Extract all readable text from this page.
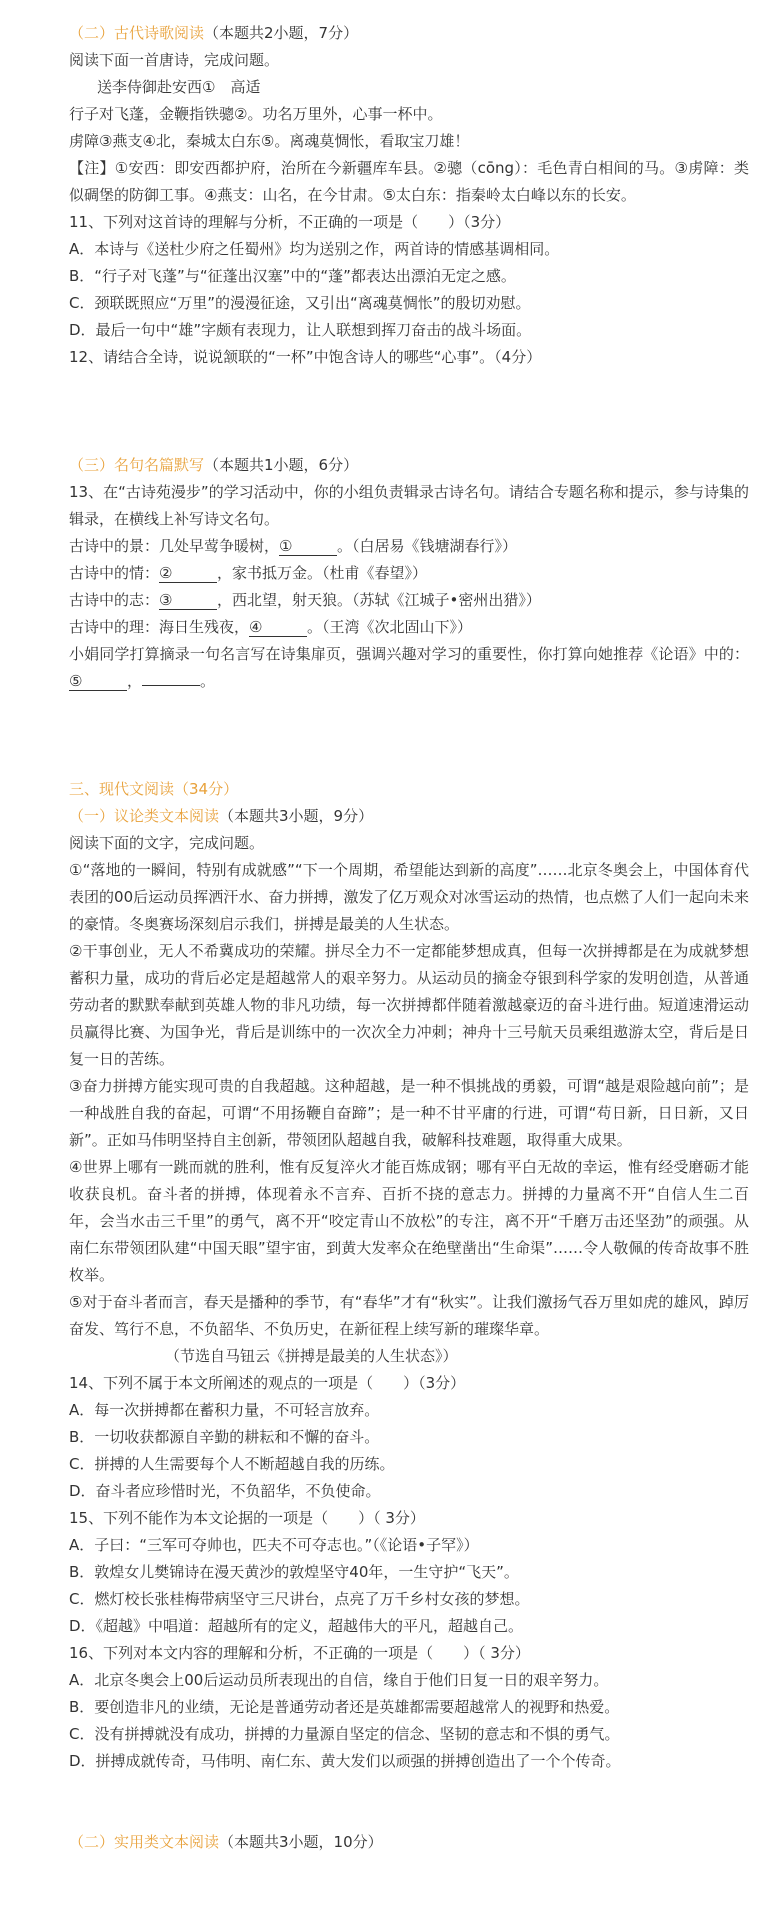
（二）古代诗歌阅读（本题共2小题，7分）

阅读下面一首唐诗，完成问题。

送李侍御赴安西①　高适

行子对飞蓬，金鞭指铁骢②。功名万里外，心事一杯中。

虏障③燕支④北，秦城太白东⑤。离魂莫惆怅，看取宝刀雄！

【注】①安西：即安西都护府，治所在今新疆库车县。②骢（cōng）：毛色青白相间的马。③虏障：类似碉堡的防御工事。④燕支：山名，在今甘肃。⑤太白东：指秦岭太白峰以东的长安。

11、下列对这首诗的理解与分析，不正确的一项是（　　）（3分）

A．本诗与《送杜少府之任蜀州》均为送别之作，两首诗的情感基调相同。

B．“行子对飞蓬”与“征蓬出汉塞”中的“蓬”都表达出漂泊无定之感。

C．颈联既照应“万里”的漫漫征途，又引出“离魂莫惆怅”的殷切劝慰。

D．最后一句中“雄”字颇有表现力，让人联想到挥刀奋击的战斗场面。

12、请结合全诗，说说颔联的“一杯”中饱含诗人的哪些“心事”。（4分）

（三）名句名篇默写（本题共1小题，6分）

13、在“古诗苑漫步”的学习活动中，你的小组负责辑录古诗名句。请结合专题名称和提示，参与诗集的辑录，在横线上补写诗文名句。

古诗中的景：几处早莺争暖树，①	。（白居易《钱塘湖春行》）

古诗中的情：②	，家书抵万金。（杜甫《春望》）

古诗中的志：③	，西北望，射天狼。（苏轼《江城子•密州出猎》）

古诗中的理：海日生残夜，④	。（王湾《次北固山下》）

小娟同学打算摘录一句名言写在诗集扉页，强调兴趣对学习的重要性，你打算向她推荐《论语》中的：⑤	，	。

三、现代文阅读（34分）

（一）议论类文本阅读（本题共3小题，9分）

阅读下面的文字，完成问题。

①“落地的一瞬间，特别有成就感”“下一个周期，希望能达到新的高度”……北京冬奥会上，中国体育代表团的00后运动员挥洒汗水、奋力拼搏，激发了亿万观众对冰雪运动的热情，也点燃了人们一起向未来的豪情。冬奥赛场深刻启示我们，拼搏是最美的人生状态。

②干事创业，无人不希冀成功的荣耀。拼尽全力不一定都能梦想成真，但每一次拼搏都是在为成就梦想蓄积力量，成功的背后必定是超越常人的艰辛努力。从运动员的摘金夺银到科学家的发明创造，从普通劳动者的默默奉献到英雄人物的非凡功绩，每一次拼搏都伴随着激越豪迈的奋斗进行曲。短道速滑运动员赢得比赛、为国争光，背后是训练中的一次次全力冲刺；神舟十三号航天员乘组遨游太空，背后是日复一日的苦练。

③奋力拼搏方能实现可贵的自我超越。这种超越，是一种不惧挑战的勇毅，可谓“越是艰险越向前”；是一种战胜自我的奋起，可谓“不用扬鞭自奋蹄”；是一种不甘平庸的行进，可谓“苟日新，日日新，又日新”。正如马伟明坚持自主创新，带领团队超越自我，破解科技难题，取得重大成果。

④世界上哪有一跳而就的胜利，惟有反复淬火才能百炼成钢；哪有平白无故的幸运，惟有经受磨砺才能收获良机。奋斗者的拼搏，体现着永不言弃、百折不挠的意志力。拼搏的力量离不开“自信人生二百年，会当水击三千里”的勇气，离不开“咬定青山不放松”的专注，离不开“千磨万击还坚劲”的顽强。从南仁东带领团队建“中国天眼”望宇宙，到黄大发率众在绝壁凿出“生命渠”……令人敬佩的传奇故事不胜枚举。

⑤对于奋斗者而言，春天是播种的季节，有“春华”才有“秋实”。让我们激扬气吞万里如虎的雄风，踔厉奋发、笃行不息，不负韶华、不负历史，在新征程上续写新的璀璨华章。

（节选自马钮云《拼搏是最美的人生状态》）

14、下列不属于本文所阐述的观点的一项是（　　）（3分）

A．每一次拼搏都在蓄积力量，不可轻言放弃。

B．一切收获都源自辛勤的耕耘和不懈的奋斗。

C．拼搏的人生需要每个人不断超越自我的历练。

D．奋斗者应珍惜时光，不负韶华，不负使命。

15、下列不能作为本文论据的一项是（　　）（ 3分）

A．子曰：“三军可夺帅也，匹夫不可夺志也。”（《论语•子罕》）

B．敦煌女儿樊锦诗在漫天黄沙的敦煌坚守40年，一生守护“飞天”。

C．燃灯校长张桂梅带病坚守三尺讲台，点亮了万千乡村女孩的梦想。

D．《超越》中唱道：超越所有的定义，超越伟大的平凡，超越自己。

16、下列对本文内容的理解和分析，不正确的一项是（　　）（ 3分）

A．北京冬奥会上00后运动员所表现出的自信，缘自于他们日复一日的艰辛努力。

B．要创造非凡的业绩，无论是普通劳动者还是英雄都需要超越常人的视野和热爱。

C．没有拼搏就没有成功，拼搏的力量源自坚定的信念、坚韧的意志和不惧的勇气。

D．拼搏成就传奇，马伟明、南仁东、黄大发们以顽强的拼搏创造出了一个个传奇。

（二）实用类文本阅读（本题共3小题，10分）
